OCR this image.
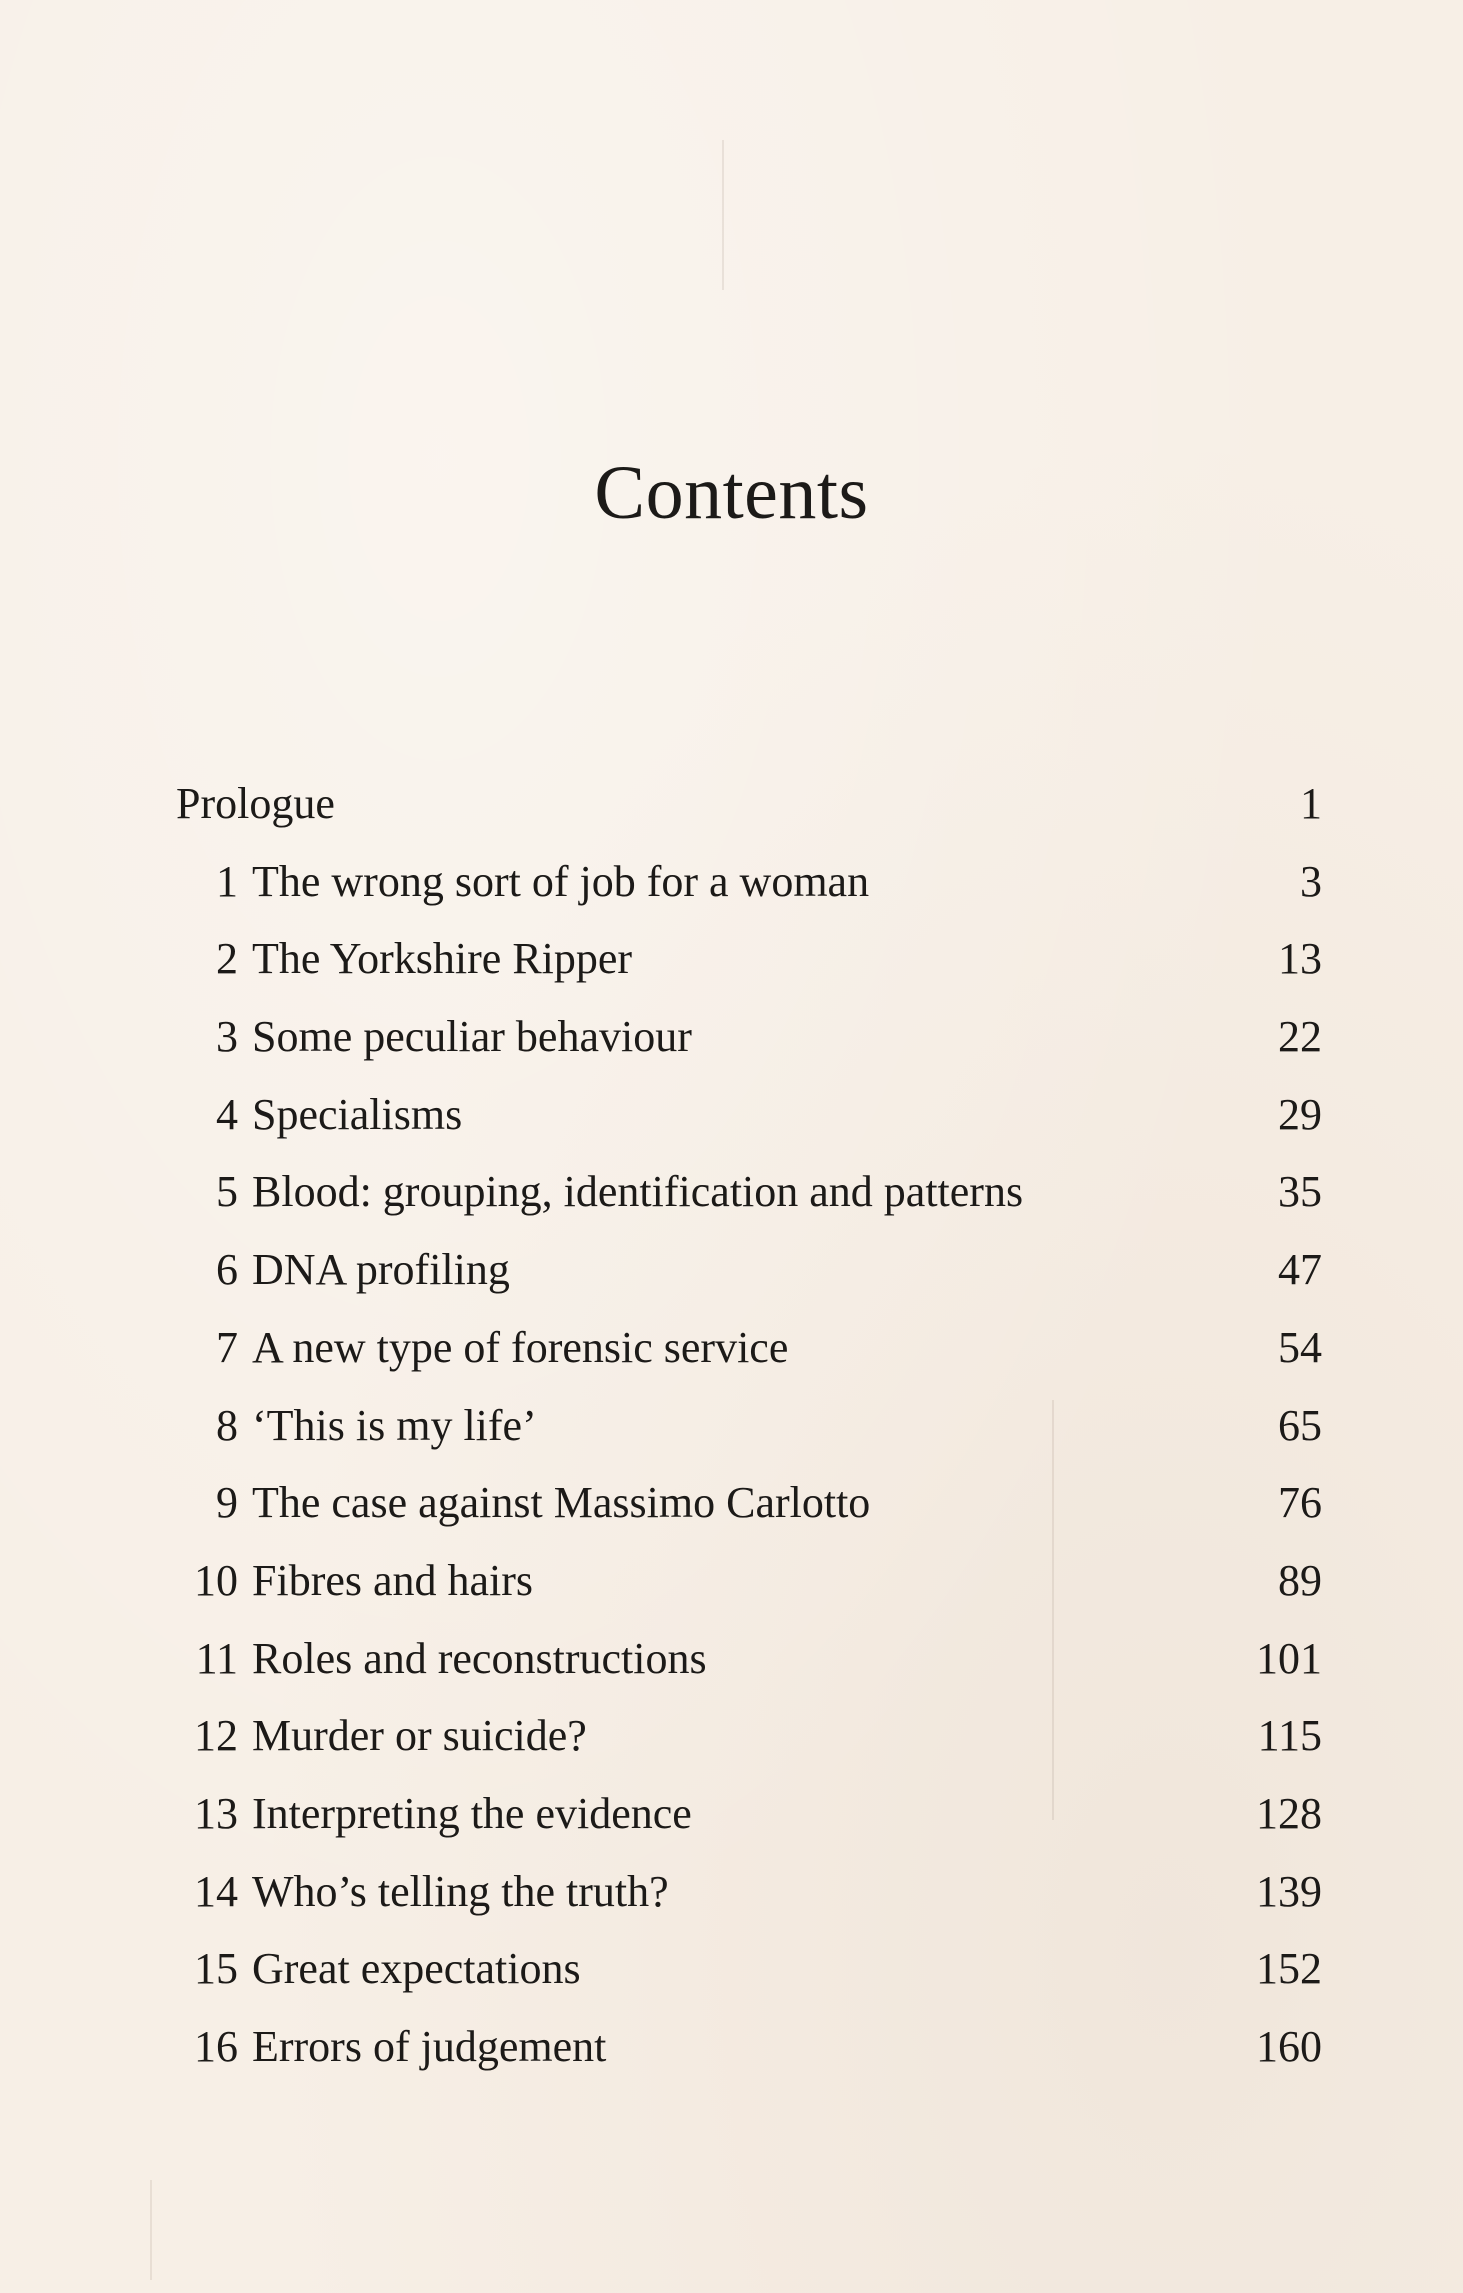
Contents
Prologue	1
1 The wrong sort of job for a woman	3
2 The Yorkshire Ripper	13
3 Some peculiar behaviour	22
4 Specialisms	29
5 Blood: grouping, identification and patterns	35
6 DNA profiling	47
7 A new type of forensic service	54
8 ‘This is my life’	65
9 The case against Massimo Carlotto	76
10 Fibres and hairs	89
11 Roles and reconstructions	101
12 Murder or suicide?	115
13 Interpreting the evidence	128
14 Who’s telling the truth?	139
15 Great expectations	152
16 Errors of judgement	160
